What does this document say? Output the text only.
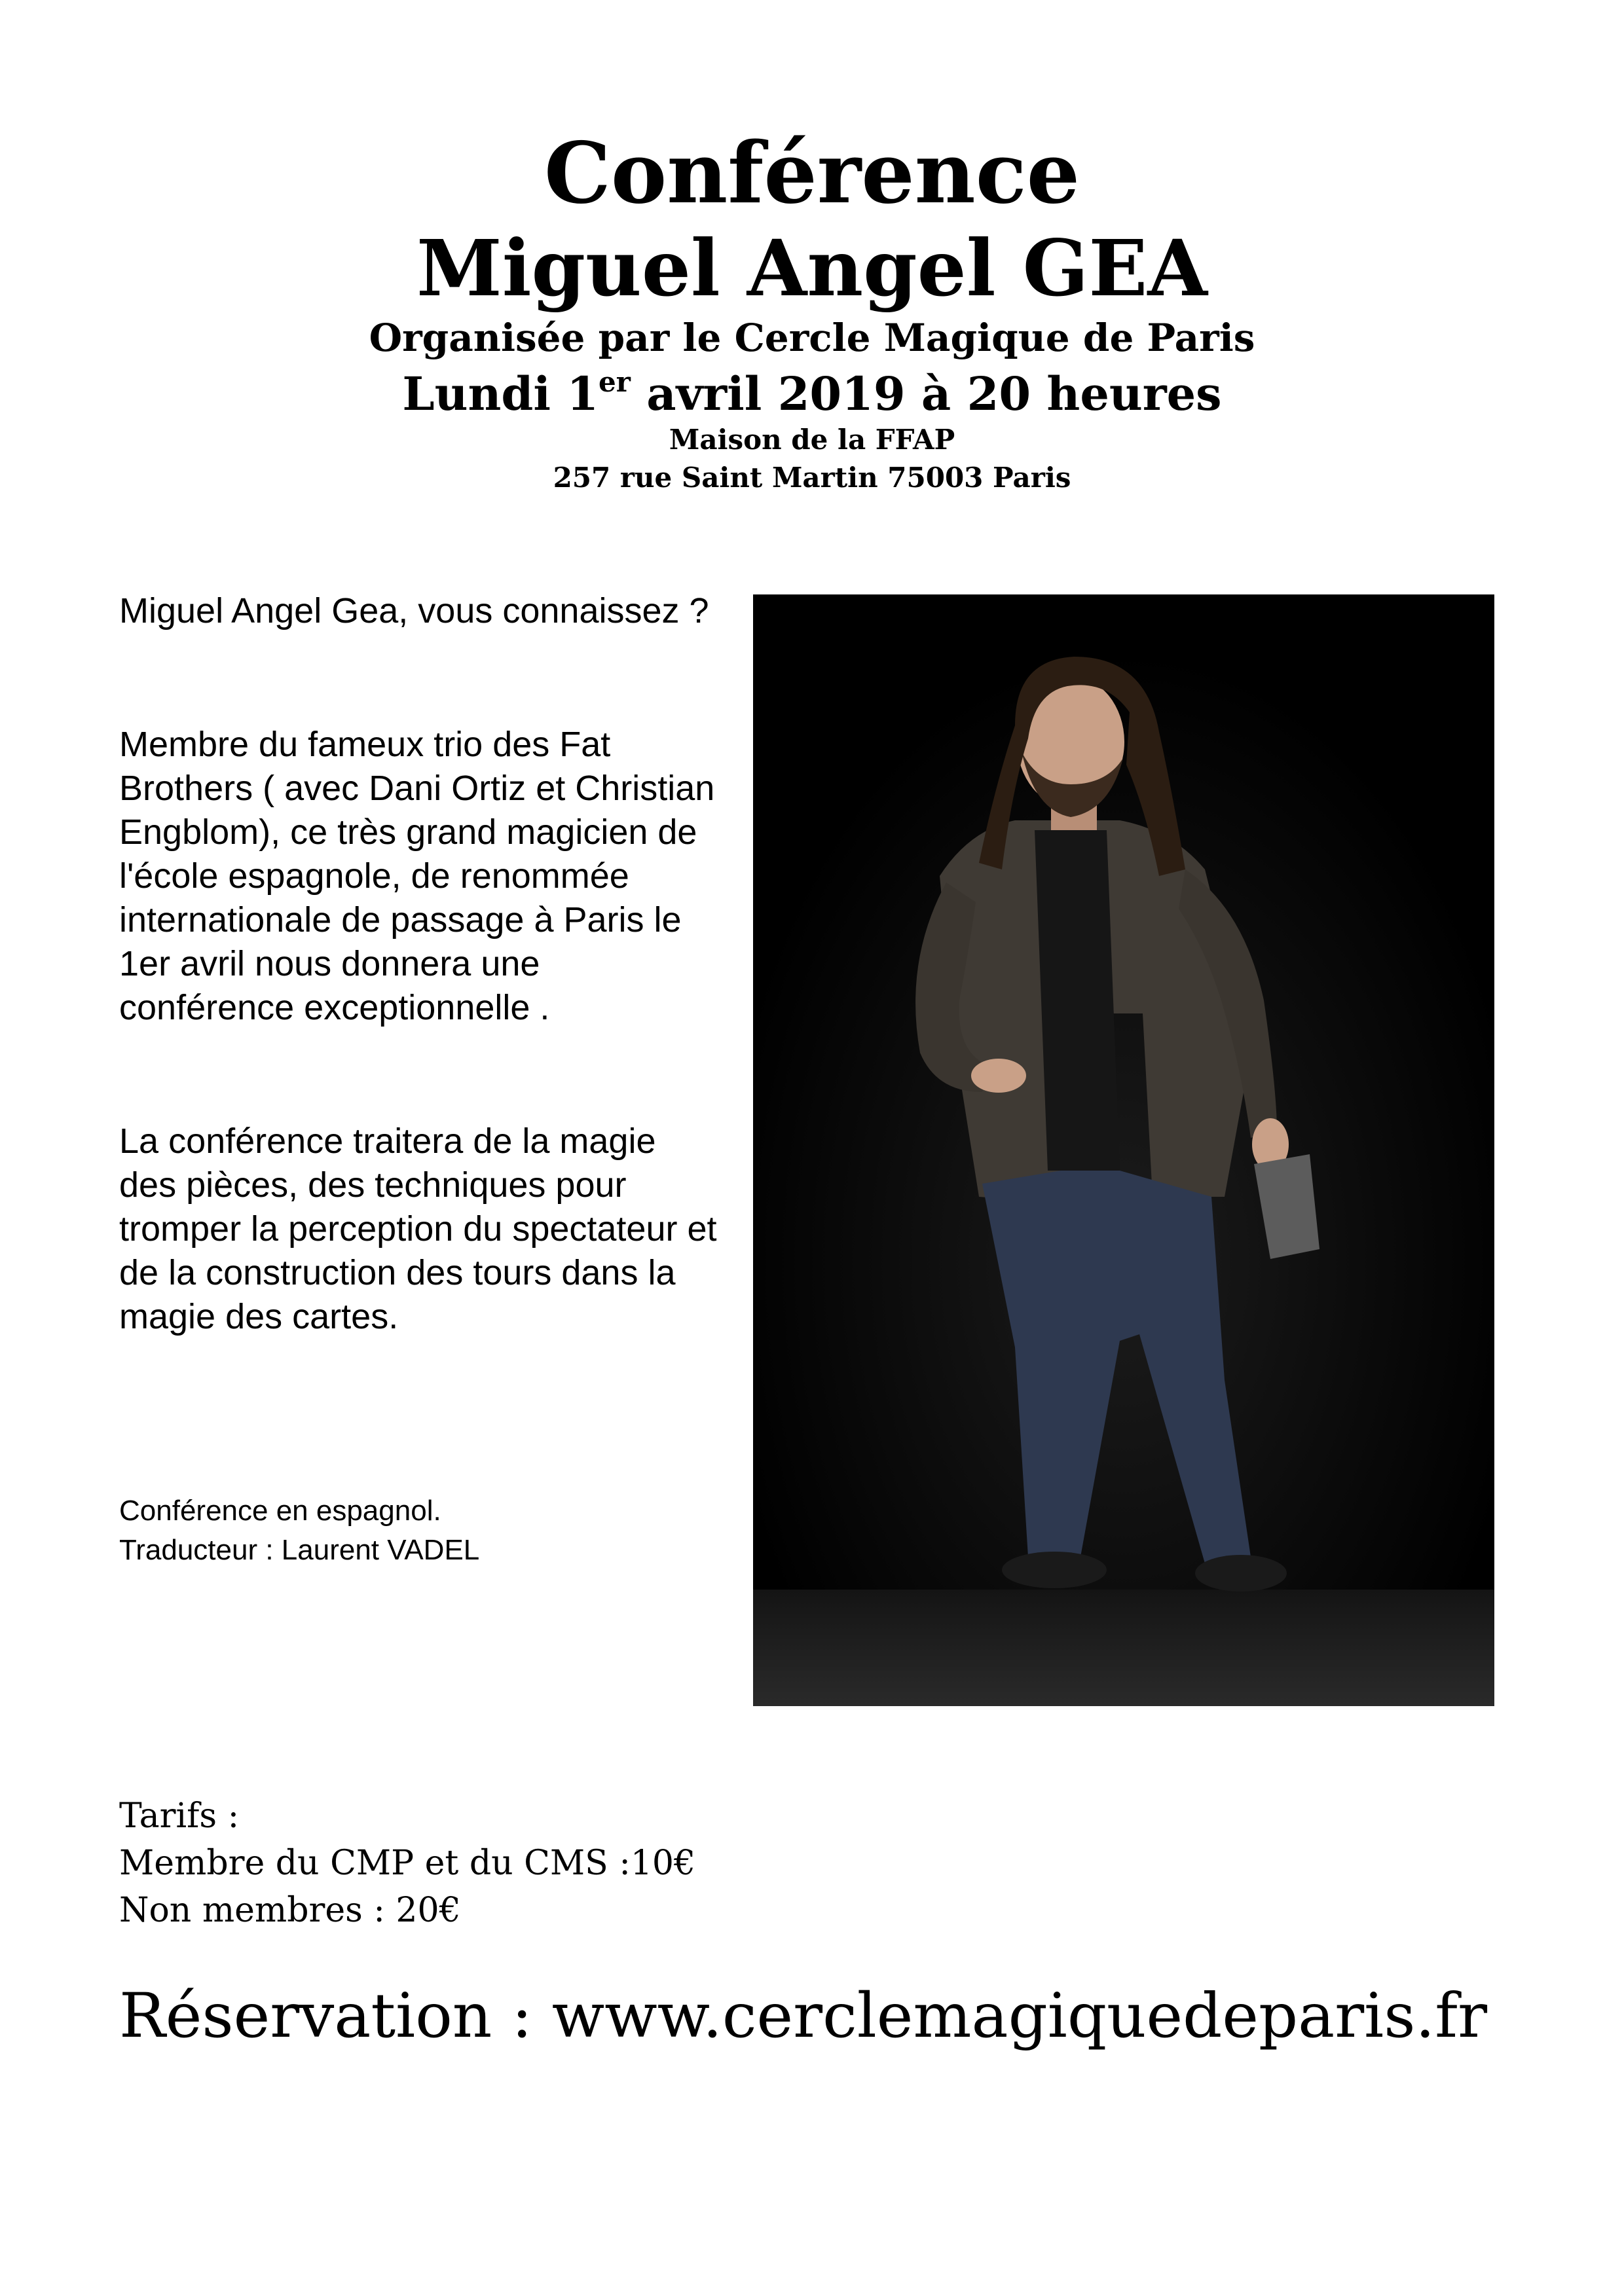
Conférence
Miguel Angel GEA
Organisée par le Cercle Magique de Paris
Lundi 1er avril 2019 à 20 heures
Maison de la FFAP
257 rue Saint Martin 75003 Paris

Miguel Angel Gea, vous connaissez ?

Membre du fameux trio des Fat Brothers ( avec Dani Ortiz et Christian Engblom), ce très grand magicien de l'école espagnole, de renommée internationale de passage à Paris le 1er avril nous donnera une conférence exceptionnelle .

La conférence traitera de la magie des pièces, des techniques pour tromper la perception du spectateur et de la construction des tours dans la magie des cartes.

Conférence en espagnol.
Traducteur : Laurent VADEL
Tarifs :
Membre du CMP et du CMS :10€
Non membres : 20€
Réservation : www.cerclemagiquedeparis.fr
